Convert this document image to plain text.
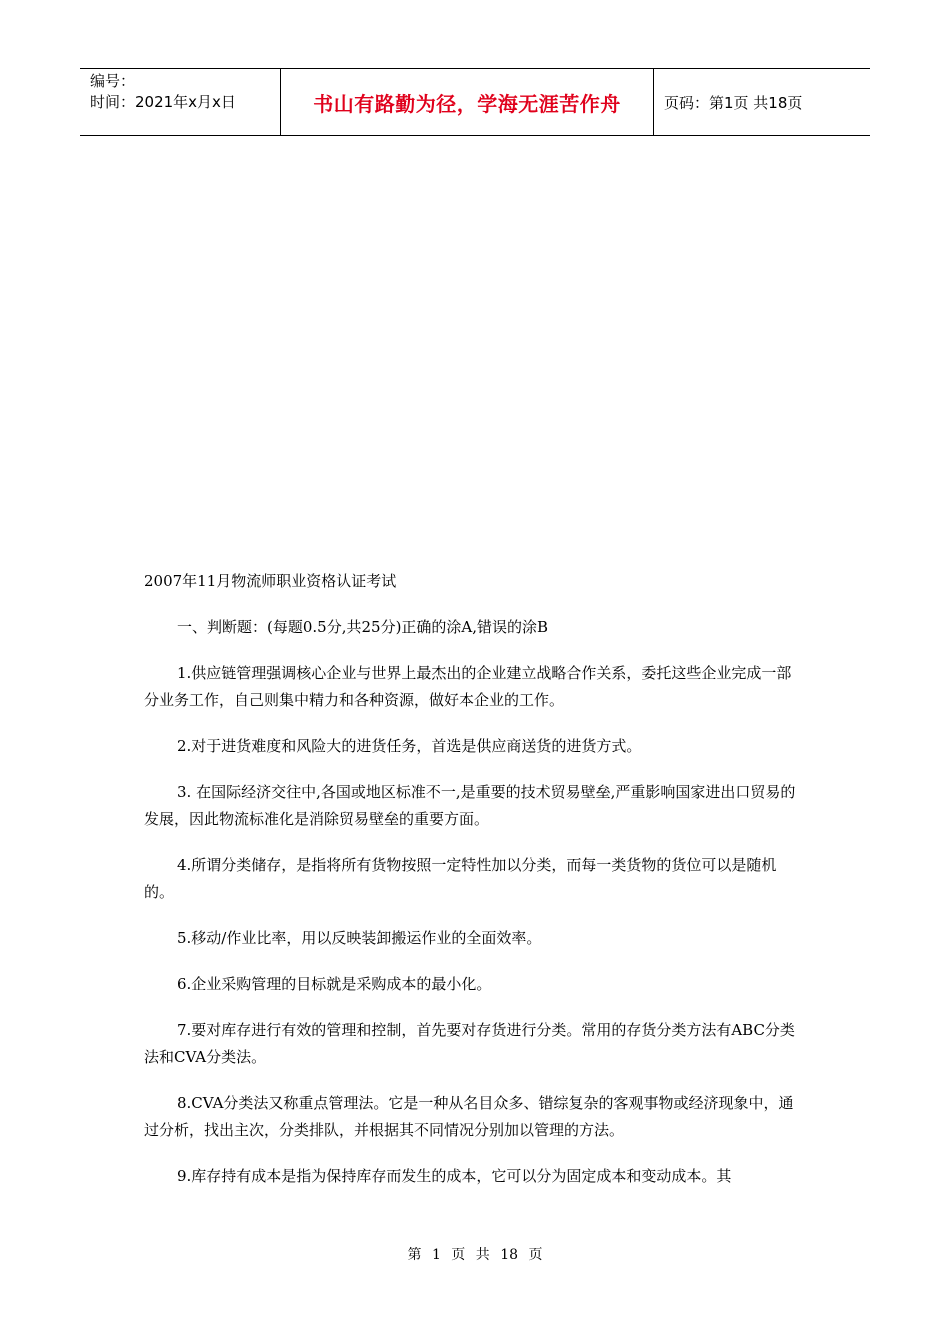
编号：
时间：2021年x月x日	书山有路勤为径，学海无涯苦作舟	页码：第1页 共18页

2007年11月物流师职业资格认证考试

一、判断题：(每题0.5分,共25分)正确的涂A,错误的涂B

1.供应链管理强调核心企业与世界上最杰出的企业建立战略合作关系，委托这些企业完成一部分业务工作，自己则集中精力和各种资源，做好本企业的工作。

2.对于进货难度和风险大的进货任务，首选是供应商送货的进货方式。

3. 在国际经济交往中,各国或地区标准不一,是重要的技术贸易壁垒,严重影响国家进出口贸易的发展，因此物流标准化是消除贸易壁垒的重要方面。

4.所谓分类储存，是指将所有货物按照一定特性加以分类，而每一类货物的货位可以是随机的。

5.移动/作业比率，用以反映装卸搬运作业的全面效率。

6.企业采购管理的目标就是采购成本的最小化。

7.要对库存进行有效的管理和控制，首先要对存货进行分类。常用的存货分类方法有ABC分类法和CVA分类法。

8.CVA分类法又称重点管理法。它是一种从名目众多、错综复杂的客观事物或经济现象中，通过分析，找出主次，分类排队，并根据其不同情况分别加以管理的方法。

9.库存持有成本是指为保持库存而发生的成本，它可以分为固定成本和变动成本。其

第 1 页 共 18 页
